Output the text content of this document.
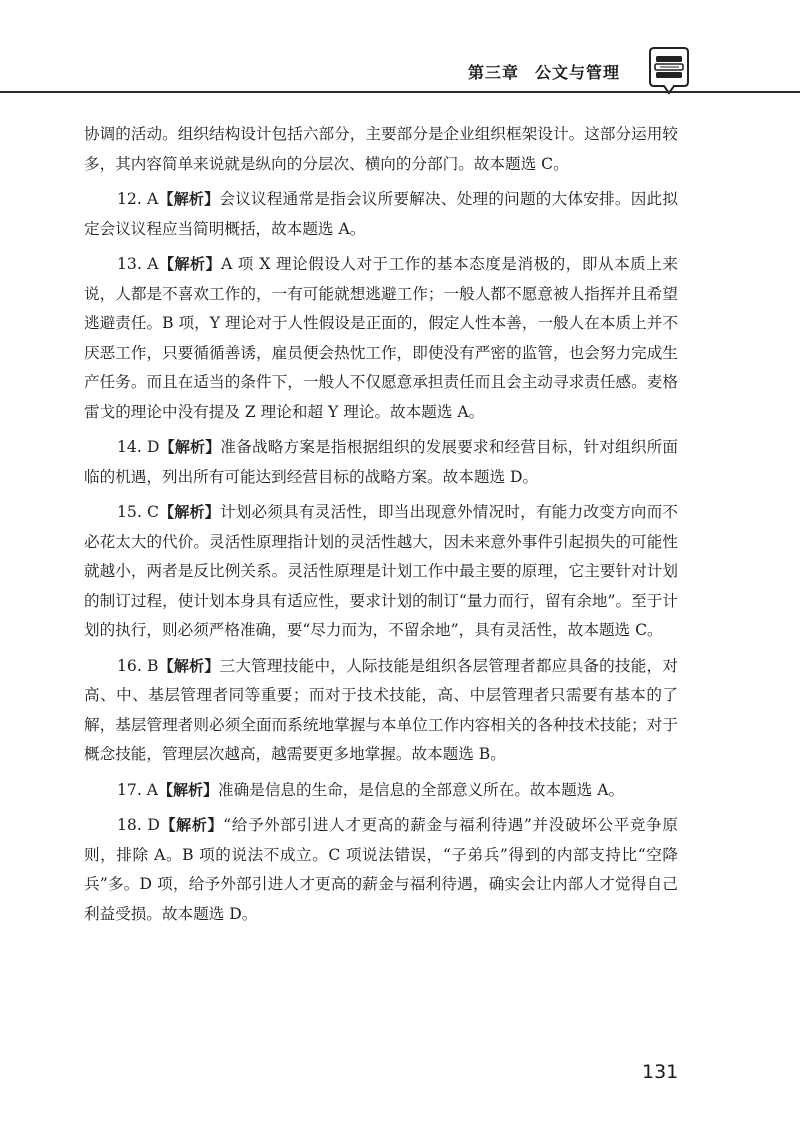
第三章 公文与管理

协调的活动。组织结构设计包括六部分，主要部分是企业组织框架设计。这部分运用较多，其内容简单来说就是纵向的分层次、横向的分部门。故本题选 C。

12. A【解析】会议议程通常是指会议所要解决、处理的问题的大体安排。因此拟定会议议程应当简明概括，故本题选 A。

13. A【解析】A 项 X 理论假设人对于工作的基本态度是消极的，即从本质上来说，人都是不喜欢工作的，一有可能就想逃避工作；一般人都不愿意被人指挥并且希望逃避责任。B 项，Y 理论对于人性假设是正面的，假定人性本善，一般人在本质上并不厌恶工作，只要循循善诱，雇员便会热忱工作，即使没有严密的监管，也会努力完成生产任务。而且在适当的条件下，一般人不仅愿意承担责任而且会主动寻求责任感。麦格雷戈的理论中没有提及 Z 理论和超 Y 理论。故本题选 A。

14. D【解析】准备战略方案是指根据组织的发展要求和经营目标，针对组织所面临的机遇，列出所有可能达到经营目标的战略方案。故本题选 D。

15. C【解析】计划必须具有灵活性，即当出现意外情况时，有能力改变方向而不必花太大的代价。灵活性原理指计划的灵活性越大，因未来意外事件引起损失的可能性就越小，两者是反比例关系。灵活性原理是计划工作中最主要的原理，它主要针对计划的制订过程，使计划本身具有适应性，要求计划的制订“量力而行，留有余地”。至于计划的执行，则必须严格准确，要“尽力而为，不留余地”，具有灵活性，故本题选 C。

16. B【解析】三大管理技能中，人际技能是组织各层管理者都应具备的技能，对高、中、基层管理者同等重要；而对于技术技能，高、中层管理者只需要有基本的了解，基层管理者则必须全面而系统地掌握与本单位工作内容相关的各种技术技能；对于概念技能，管理层次越高，越需要更多地掌握。故本题选 B。

17. A【解析】准确是信息的生命，是信息的全部意义所在。故本题选 A。

18. D【解析】“给予外部引进人才更高的薪金与福利待遇”并没破坏公平竞争原则，排除 A。B 项的说法不成立。C 项说法错误，“子弟兵”得到的内部支持比“空降兵”多。D 项，给予外部引进人才更高的薪金与福利待遇，确实会让内部人才觉得自己利益受损。故本题选 D。

131
